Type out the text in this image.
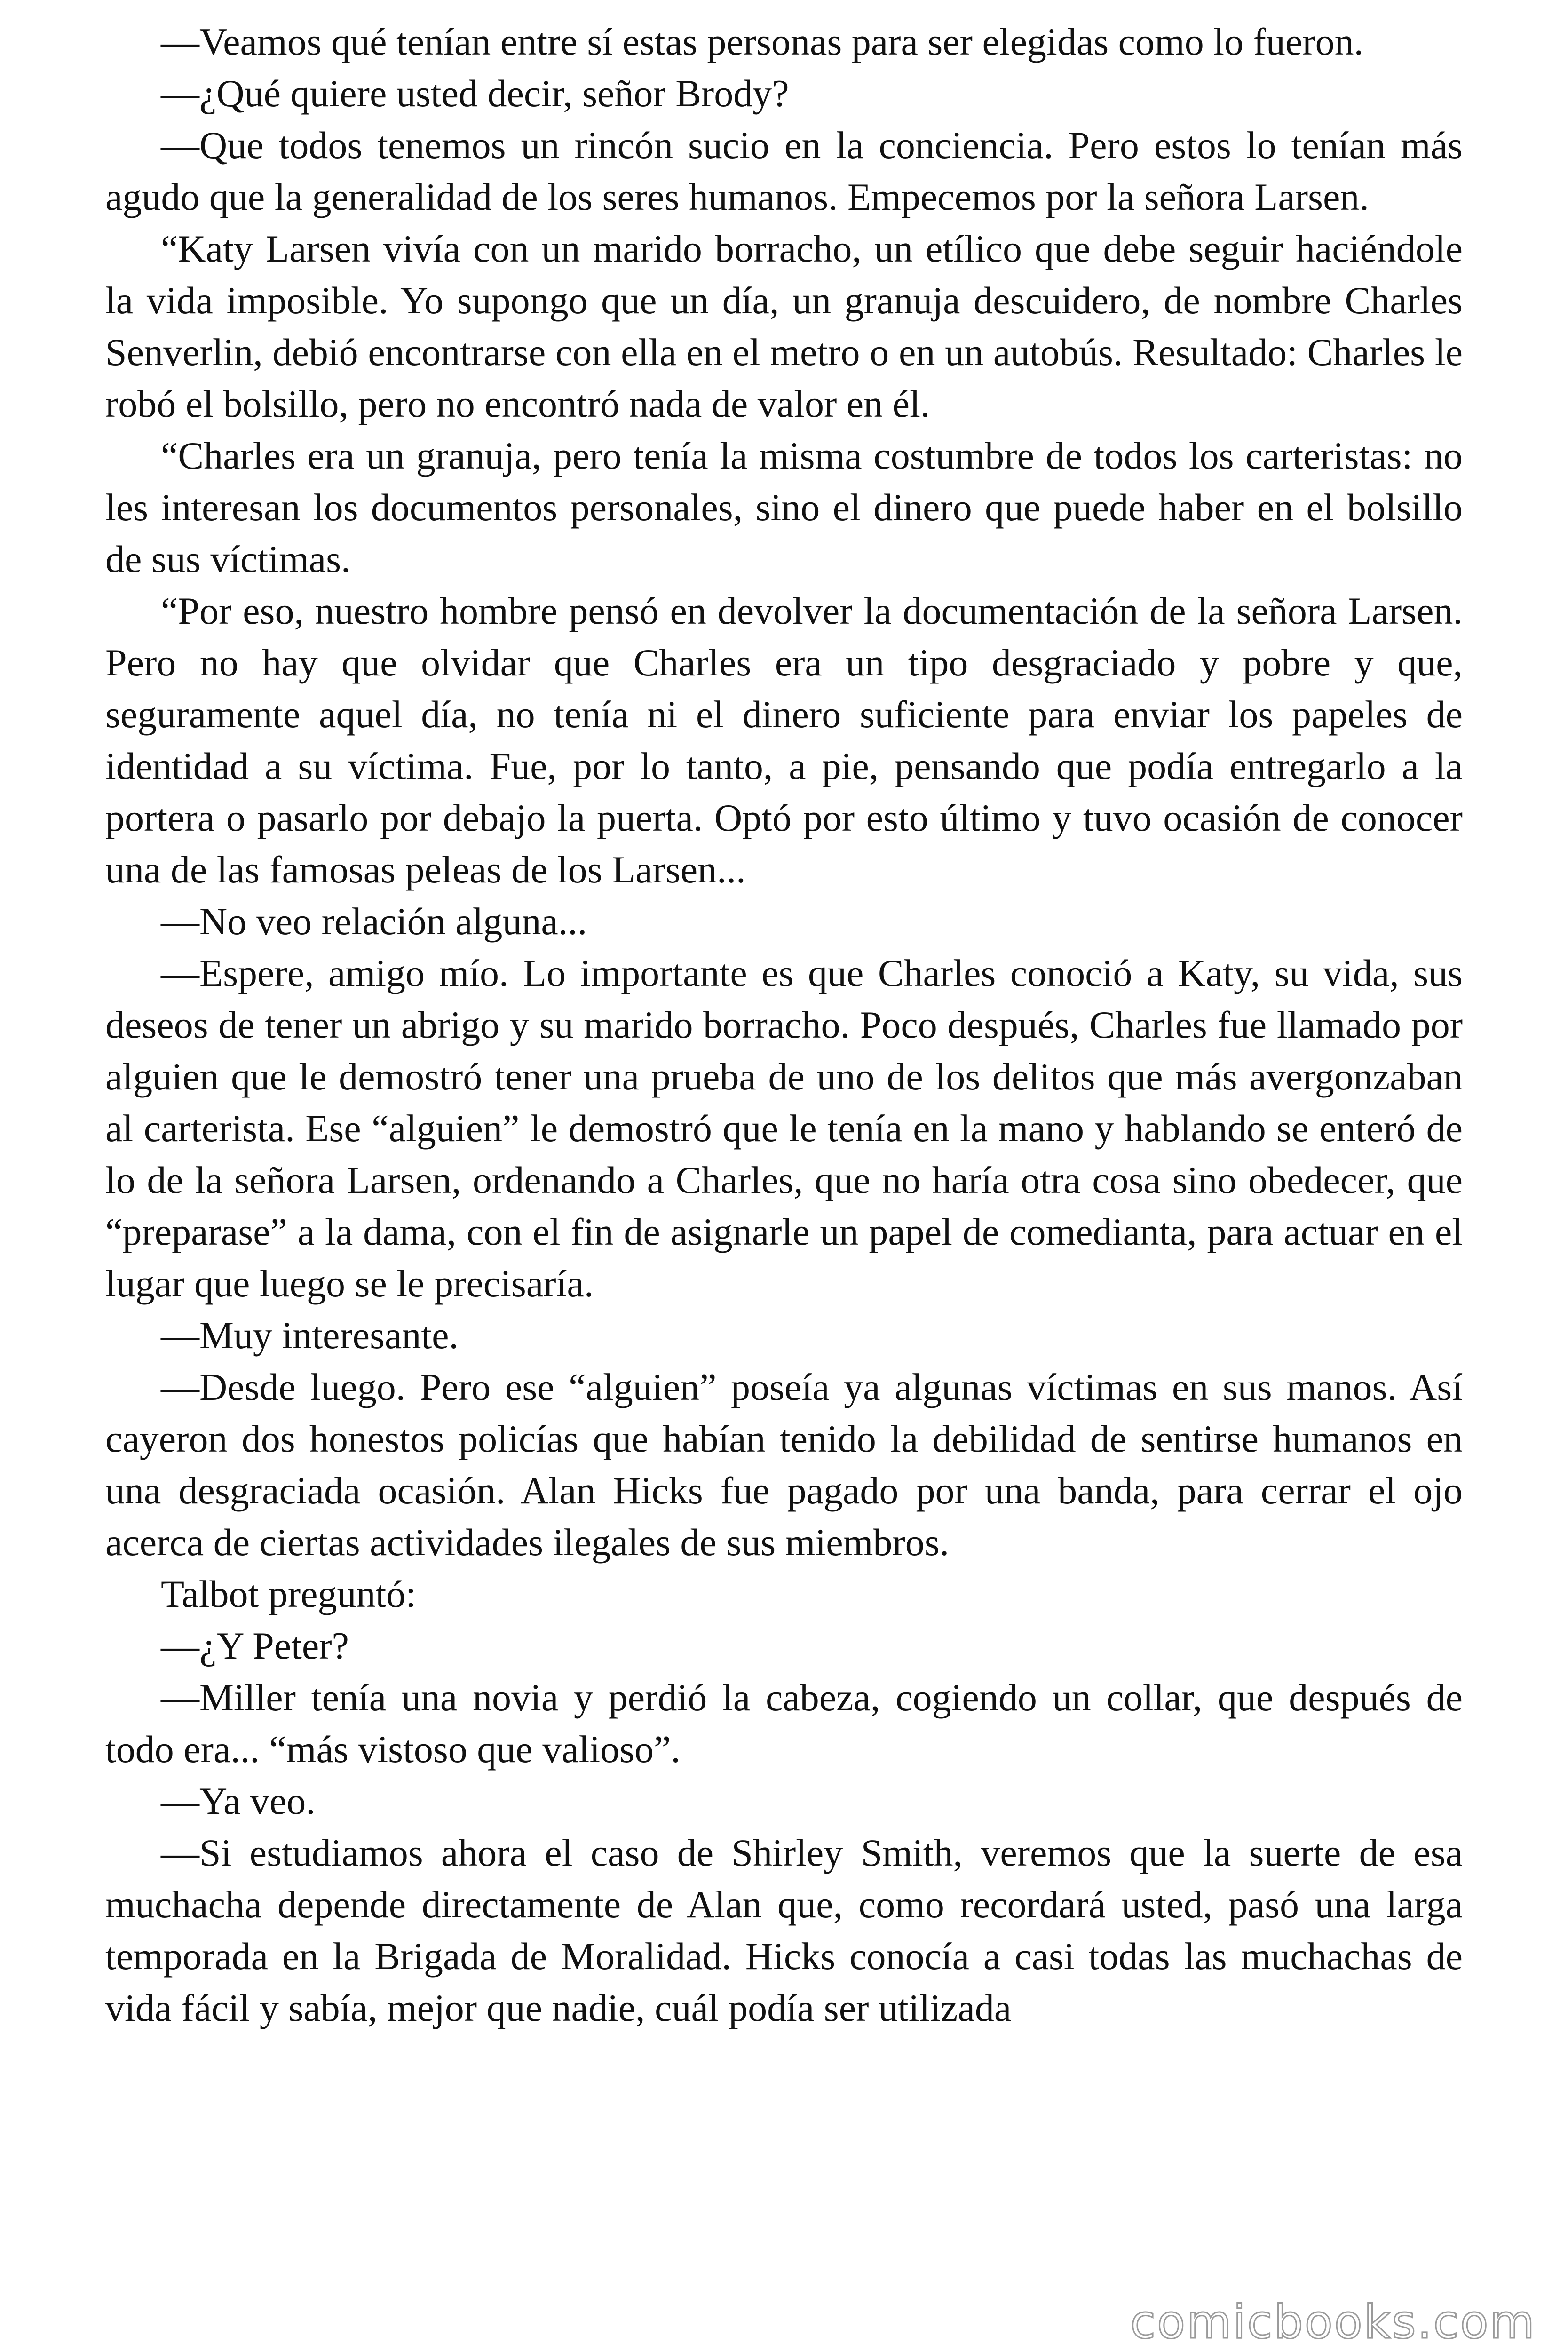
—Veamos qué tenían entre sí estas personas para ser elegidas como lo fueron.

—¿Qué quiere usted decir, señor Brody?

—Que todos tenemos un rincón sucio en la conciencia. Pero estos lo tenían más agudo que la generalidad de los seres humanos. Empecemos por la señora Larsen.

“Katy Larsen vivía con un marido borracho, un etílico que debe seguir haciéndole la vida imposible. Yo supongo que un día, un granuja descuidero, de nombre Charles Senverlin, debió encontrarse con ella en el metro o en un autobús. Resultado: Charles le robó el bolsillo, pero no encontró nada de valor en él.

“Charles era un granuja, pero tenía la misma costumbre de todos los carteristas: no les interesan los documentos personales, sino el dinero que puede haber en el bolsillo de sus víctimas.

“Por eso, nuestro hombre pensó en devolver la documentación de la señora Larsen. Pero no hay que olvidar que Charles era un tipo desgraciado y pobre y que, seguramente aquel día, no tenía ni el dinero suficiente para enviar los papeles de identidad a su víctima. Fue, por lo tanto, a pie, pensando que podía entregarlo a la portera o pasarlo por debajo la puerta. Optó por esto último y tuvo ocasión de conocer una de las famosas peleas de los Larsen...

—No veo relación alguna...

—Espere, amigo mío. Lo importante es que Charles conoció a Katy, su vida, sus deseos de tener un abrigo y su marido borracho. Poco después, Charles fue llamado por alguien que le demostró tener una prueba de uno de los delitos que más avergonzaban al carterista. Ese “alguien” le demostró que le tenía en la mano y hablando se enteró de lo de la señora Larsen, ordenando a Charles, que no haría otra cosa sino obedecer, que “preparase” a la dama, con el fin de asignarle un papel de comedianta, para actuar en el lugar que luego se le precisaría.

—Muy interesante.

—Desde luego. Pero ese “alguien” poseía ya algunas víctimas en sus manos. Así cayeron dos honestos policías que habían tenido la debilidad de sentirse humanos en una desgraciada ocasión. Alan Hicks fue pagado por una banda, para cerrar el ojo acerca de ciertas actividades ilegales de sus miembros.

Talbot preguntó:

—¿Y Peter?

—Miller tenía una novia y perdió la cabeza, cogiendo un collar, que después de todo era... “más vistoso que valioso”.

—Ya veo.

—Si estudiamos ahora el caso de Shirley Smith, veremos que la suerte de esa muchacha depende directamente de Alan que, como recordará usted, pasó una larga temporada en la Brigada de Moralidad. Hicks conocía a casi todas las muchachas de vida fácil y sabía, mejor que nadie, cuál podía ser utilizada

comicbooks.com
